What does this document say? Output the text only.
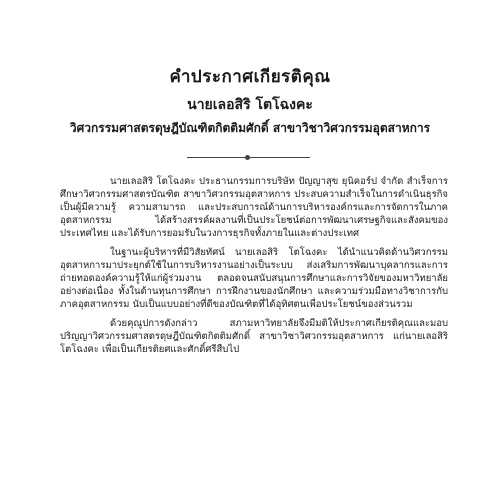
คำประกาศเกียรติคุณ
นายเลอสิริ โตโฉงคะ
วิศวกรรมศาสตรดุษฎีบัณฑิตกิตติมศักดิ์ สาขาวิชาวิศวกรรมอุตสาหการ

นายเลอสิริ โตโฉงคะ ประธานกรรมการบริษัท ปัญญาสุข ยุนิคอร์ป จำกัด สำเร็จการศึกษาวิศวกรรมศาสตรบัณฑิต สาขาวิศวกรรมอุตสาหการ ประสบความสำเร็จในการดำเนินธุรกิจ เป็นผู้มีความรู้ ความสามารถ และประสบการณ์ด้านการบริหารองค์กรและการจัดการในภาคอุตสาหกรรม ได้สร้างสรรค์ผลงานที่เป็นประโยชน์ต่อการพัฒนาเศรษฐกิจและสังคมของประเทศไทย และได้รับการยอมรับในวงการธุรกิจทั้งภายในและต่างประเทศ

ในฐานะผู้บริหารที่มีวิสัยทัศน์ นายเลอสิริ โตโฉงคะ ได้นำแนวคิดด้านวิศวกรรมอุตสาหการมาประยุกต์ใช้ในการบริหารงานอย่างเป็นระบบ ส่งเสริมการพัฒนาบุคลากรและการถ่ายทอดองค์ความรู้ให้แก่ผู้ร่วมงาน ตลอดจนสนับสนุนการศึกษาและการวิจัยของมหาวิทยาลัยอย่างต่อเนื่อง ทั้งในด้านทุนการศึกษา การฝึกงานของนักศึกษา และความร่วมมือทางวิชาการกับภาคอุตสาหกรรม นับเป็นแบบอย่างที่ดีของบัณฑิตที่ได้อุทิศตนเพื่อประโยชน์ของส่วนรวม

ด้วยคุณูปการดังกล่าว สภามหาวิทยาลัยจึงมีมติให้ประกาศเกียรติคุณและมอบปริญญาวิศวกรรมศาสตรดุษฎีบัณฑิตกิตติมศักดิ์ สาขาวิชาวิศวกรรมอุตสาหการ แก่นายเลอสิริ โตโฉงคะ เพื่อเป็นเกียรติยศและศักดิ์ศรีสืบไป
